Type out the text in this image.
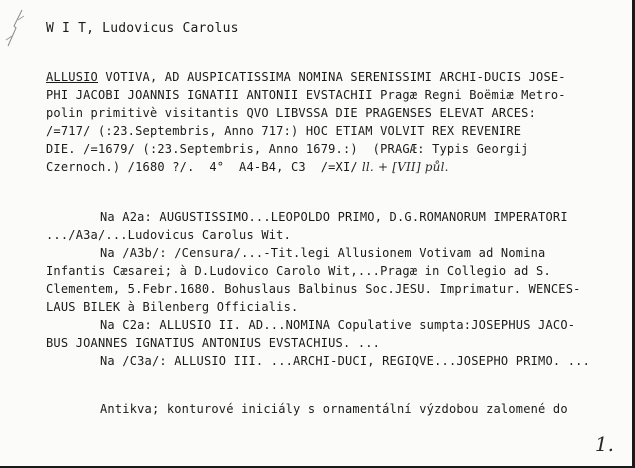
W I T, Ludovicus Carolus
ALLUSIO VOTIVA, AD AUSPICATISSIMA NOMINA SERENISSIMI ARCHI-DUCIS JOSE-
PHI JACOBI JOANNIS IGNATII ANTONII EVSTACHII Pragæ Regni Boëmiæ Metro-
polin primitivè visitantis QVO LIBVSSA DIE PRAGENSES ELEVAT ARCES:
/=717/ (:23.Septembris, Anno 717:) HOC ETIAM VOLVIT REX REVENIRE
DIE. /=1679/ (:23.Septembris, Anno 1679.:)  (PRAGÆ: Typis Georgij
Czernoch.) /1680 ?/.  4°  A4-B4, C3  /=XI/ ll. + [VII] půl.
Na A2a: AUGUSTISSIMO...LEOPOLDO PRIMO, D.G.ROMANORUM IMPERATORI
.../A3a/...Ludovicus Carolus Wit.
Na /A3b/: /Censura/...-Tit.legi Allusionem Votivam ad Nomina
Infantis Cæsarei; à D.Ludovico Carolo Wit,...Pragæ in Collegio ad S.
Clementem, 5.Febr.1680. Bohuslaus Balbinus Soc.JESU. Imprimatur. WENCES-
LAUS BILEK à Bilenberg Officialis.
Na C2a: ALLUSIO II. AD...NOMINA Copulative sumpta:JOSEPHUS JACO-
BUS JOANNES IGNATIUS ANTONIUS EVSTACHIUS. ...
Na /C3a/: ALLUSIO III. ...ARCHI-DUCI, REGIQVE...JOSEPHO PRIMO. ...
Antikva; konturové iniciály s ornamentální výzdobou zalomené do
1.
